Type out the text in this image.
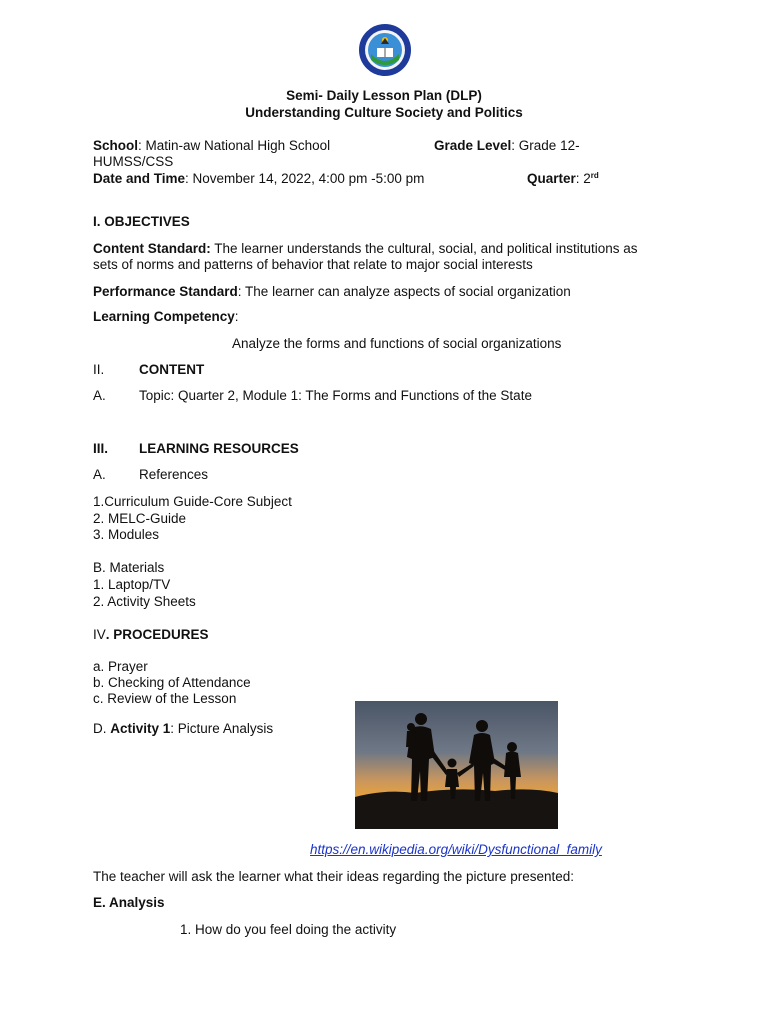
Semi- Daily Lesson Plan (DLP)
Understanding Culture Society and Politics
School: Matin-aw National High School	Grade Level: Grade 12-
HUMSS/CSS
Date and Time: November 14, 2022, 4:00 pm -5:00 pm	Quarter: 2rd
I. OBJECTIVES
Content Standard: The learner understands the cultural, social, and political institutions as
sets of norms and patterns of behavior that relate to major social interests
Performance Standard: The learner can analyze aspects of social organization
Learning Competency:
Analyze the forms and functions of social organizations
II.	CONTENT
A. Topic: Quarter 2, Module 1: The Forms and Functions of the State
III. LEARNING RESOURCES
A. References
1.Curriculum Guide-Core Subject
2. MELC-Guide
3. Modules
B. Materials
1. Laptop/TV
2. Activity Sheets
IV. PROCEDURES
a. Prayer
b. Checking of Attendance
c. Review of the Lesson
D. Activity 1: Picture Analysis
https://en.wikipedia.org/wiki/Dysfunctional_family
The teacher will ask the learner what their ideas regarding the picture presented:
E. Analysis
1. How do you feel doing the activity
